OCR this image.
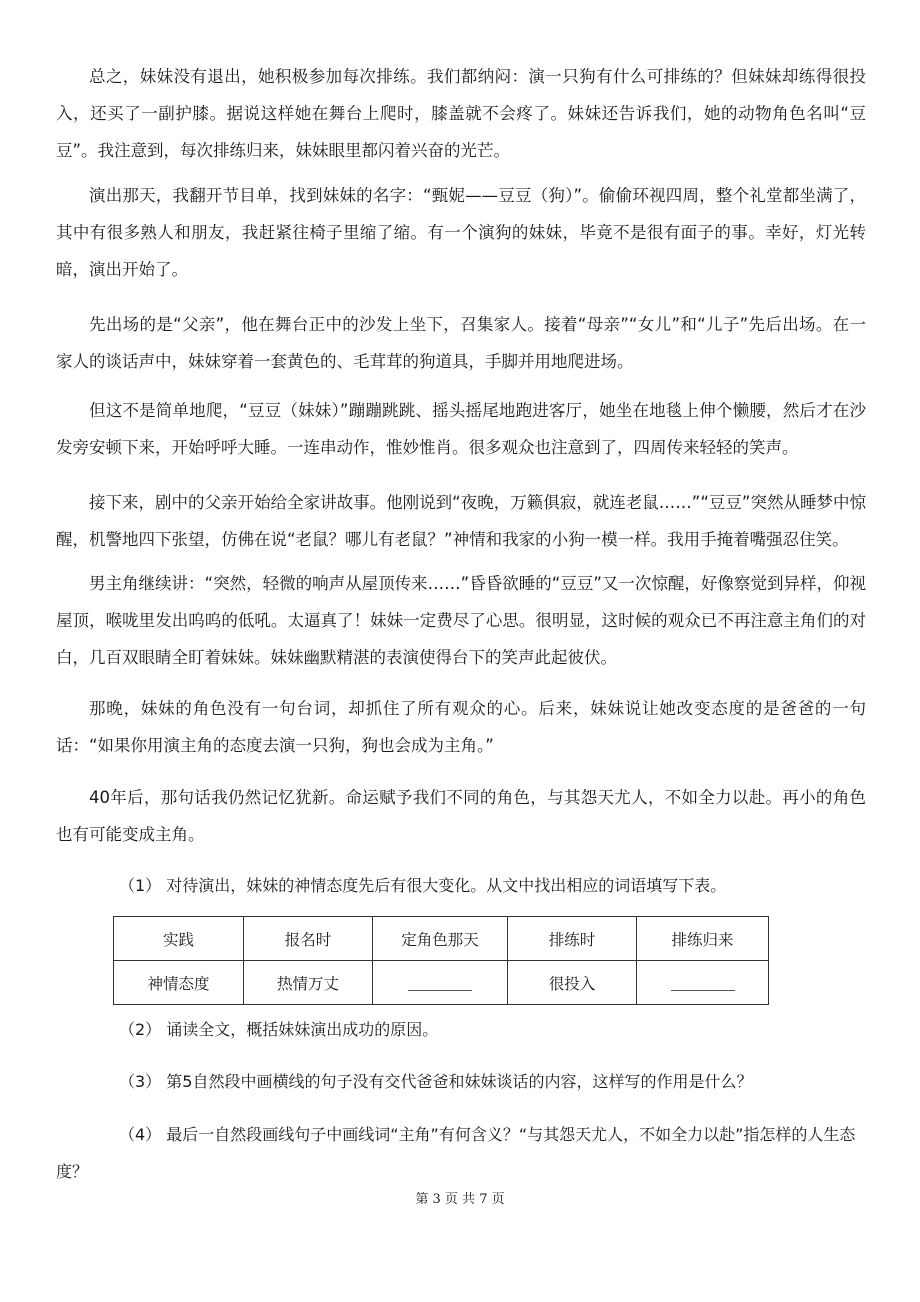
总之，妹妹没有退出，她积极参加每次排练。我们都纳闷：演一只狗有什么可排练的？但妹妹却练得很投入，还买了一副护膝。据说这样她在舞台上爬时，膝盖就不会疼了。妹妹还告诉我们，她的动物角色名叫“豆豆”。我注意到，每次排练归来，妹妹眼里都闪着兴奋的光芒。

演出那天，我翻开节目单，找到妹妹的名字：“甄妮——豆豆（狗）”。偷偷环视四周，整个礼堂都坐满了，其中有很多熟人和朋友，我赶紧往椅子里缩了缩。有一个演狗的妹妹，毕竟不是很有面子的事。幸好，灯光转暗，演出开始了。

先出场的是“父亲”，他在舞台正中的沙发上坐下，召集家人。接着“母亲”“女儿”和“儿子”先后出场。在一家人的谈话声中，妹妹穿着一套黄色的、毛茸茸的狗道具，手脚并用地爬进场。

但这不是简单地爬，“豆豆（妹妹）”蹦蹦跳跳、摇头摇尾地跑进客厅，她坐在地毯上伸个懒腰，然后才在沙发旁安顿下来，开始呼呼大睡。一连串动作，惟妙惟肖。很多观众也注意到了，四周传来轻轻的笑声。

接下来，剧中的父亲开始给全家讲故事。他刚说到“夜晚，万籁俱寂，就连老鼠……”“豆豆”突然从睡梦中惊醒，机警地四下张望，仿佛在说“老鼠？哪儿有老鼠？”神情和我家的小狗一模一样。我用手掩着嘴强忍住笑。

男主角继续讲：“突然，轻微的响声从屋顶传来……”昏昏欲睡的“豆豆”又一次惊醒，好像察觉到异样，仰视屋顶，喉咙里发出呜呜的低吼。太逼真了！妹妹一定费尽了心思。很明显，这时候的观众已不再注意主角们的对白，几百双眼睛全盯着妹妹。妹妹幽默精湛的表演使得台下的笑声此起彼伏。

那晚，妹妹的角色没有一句台词，却抓住了所有观众的心。后来，妹妹说让她改变态度的是爸爸的一句话：“如果你用演主角的态度去演一只狗，狗也会成为主角。”

40年后，那句话我仍然记忆犹新。命运赋予我们不同的角色，与其怨天尤人，不如全力以赴。再小的角色也有可能变成主角。

（1） 对待演出，妹妹的神情态度先后有很大变化。从文中找出相应的词语填写下表。

实践	报名时	定角色那天	排练时	排练归来
神情态度	热情万丈		很投入	

（2） 诵读全文，概括妹妹演出成功的原因。

（3） 第5自然段中画横线的句子没有交代爸爸和妹妹谈话的内容，这样写的作用是什么？

（4） 最后一自然段画线句子中画线词“主角”有何含义？“与其怨天尤人，不如全力以赴”指怎样的人生态度？

第 3 页 共 7 页
